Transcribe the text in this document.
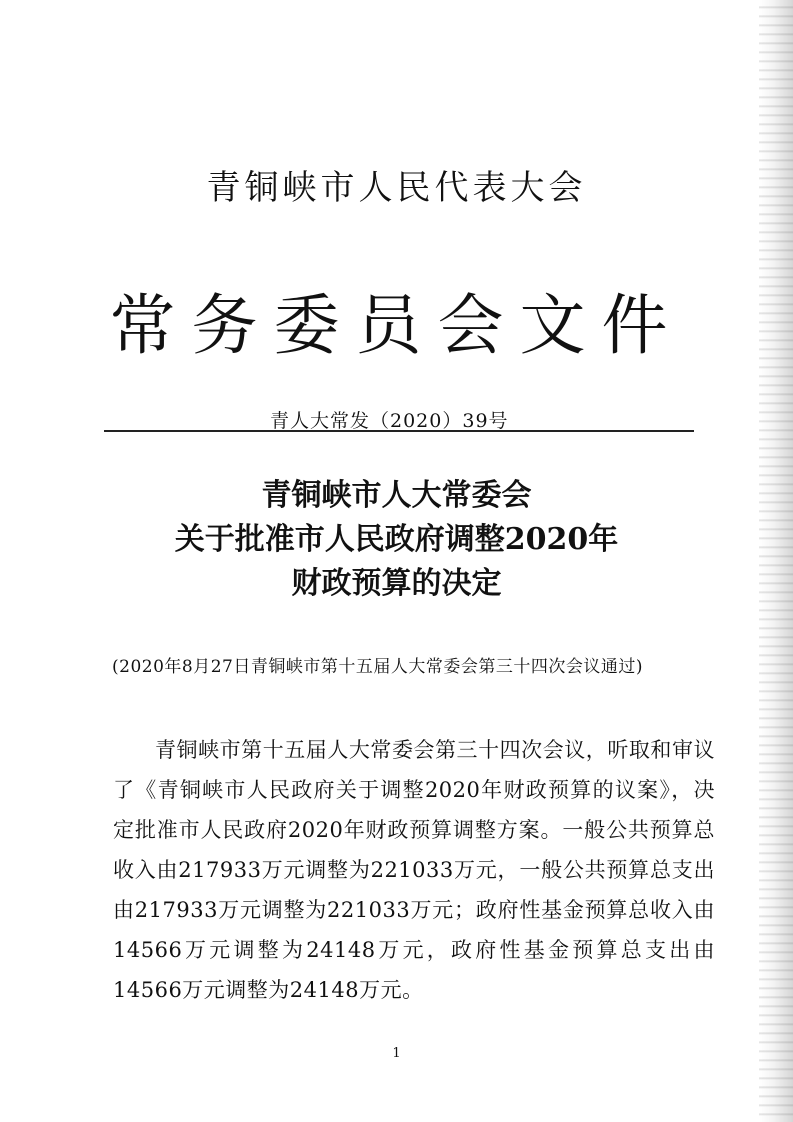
青铜峡市人民代表大会
常务委员会文件
青人大常发（2020）39号
青铜峡市人大常委会
关于批准市人民政府调整2020年
财政预算的决定
(2020年8月27日青铜峡市第十五届人大常委会第三十四次会议通过)
青铜峡市第十五届人大常委会第三十四次会议，听取和审议了《青铜峡市人民政府关于调整2020年财政预算的议案》，决定批准市人民政府2020年财政预算调整方案。一般公共预算总收入由217933万元调整为221033万元，一般公共预算总支出由217933万元调整为221033万元；政府性基金预算总收入由14566万元调整为24148万元，政府性基金预算总支出由14566万元调整为24148万元。
1
